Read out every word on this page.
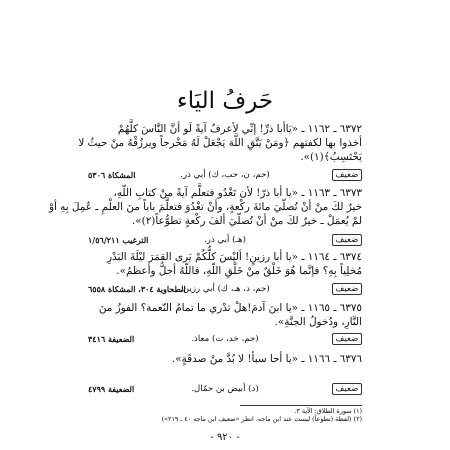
حَرفُ اليَاء
٦٣٧٢ ـ ١١٦٢ ـ «يَاأبا ذرِّ! إنِّي لأعرفُ آيةً لَو أنَّ النَّاسَ كلَّهُمْ
أخذوا بها لكفتهم ﴿ومَنْ يَتَّقِ اللَّهَ يَجْعَلْ لَهُ مَخْرجاً ويرزُقْهُ منْ حيثُ لا
يَحْتَسِبُ﴾(١)».
ضعيف
(حم، ن، حب، ك) أبي ذر.
المشكاة ٥٣٠٦
٦٣٧٣ ـ ١١٦٣ ـ «يا أبا ذرّ! لأن تَغْدُو فتعلَّم آيةً منْ كتابِ اللّهِ،
خيرٌ لكَ منْ أنْ تُصلّيَ مائةَ ركْعةٍ، وأنْ تغْدُوَ فتعلَّمَ باباً منَ العلْمِ ـ عُمِلَ بِهِ أوْ
لمْ يُعمَلْ ـ خيرٌ لكَ منْ أنْ تُصلّيَ ألفَ ركْعةٍ تطوُّعاً(٢)».
ضعيف
(هـ) أبي ذر.
الترغيب ١/٥٦/٢١١
٦٣٧٤ ـ ١١٦٤ ـ «يا أبا رزينٍ! أليْسَ كلُّكُمْ يَرى القمَرَ ليْلَةَ البَدْرِ
مُخلِياً بِهِ؟ فإنَّما هُوَ خَلْقٌ منْ خَلْقِ اللّهِ، فاللّهُ أجلُّ وأعظمُ».
ضعيف
(حم، د، هـ، ك) أبي رزين.
الطحاوية ٣٠٤، المشكاة ٦٥٥٨
٦٣٧٥ ـ ١١٦٥ ـ «يا ابنَ آدمَ!هلْ تدْري ما تمامُ النّعمة؟ الفوزُ منَ
النَّارِ، ودُخولُ الجنَّةِ».
ضعيف
(حم، خد، ت) معاذ.
الضعيفة ٣٤١٦
٦٣٧٦ ـ ١١٦٦ ـ «يا أحا سبأ! لا بُدَّ منْ صدقَةٍ».
ضعيف
(د) أبيض بن حمّال.
الضعيفة ٤٧٩٩
(١) سورة الطلاق: الآية ٣.
(٢) (لفظة (تطوعاً) ليست عند ابن ماجه، انظر «ضعيف ابن ماجه ٤٠ ـ ٢١٩»)
- ٩٢٠ -
